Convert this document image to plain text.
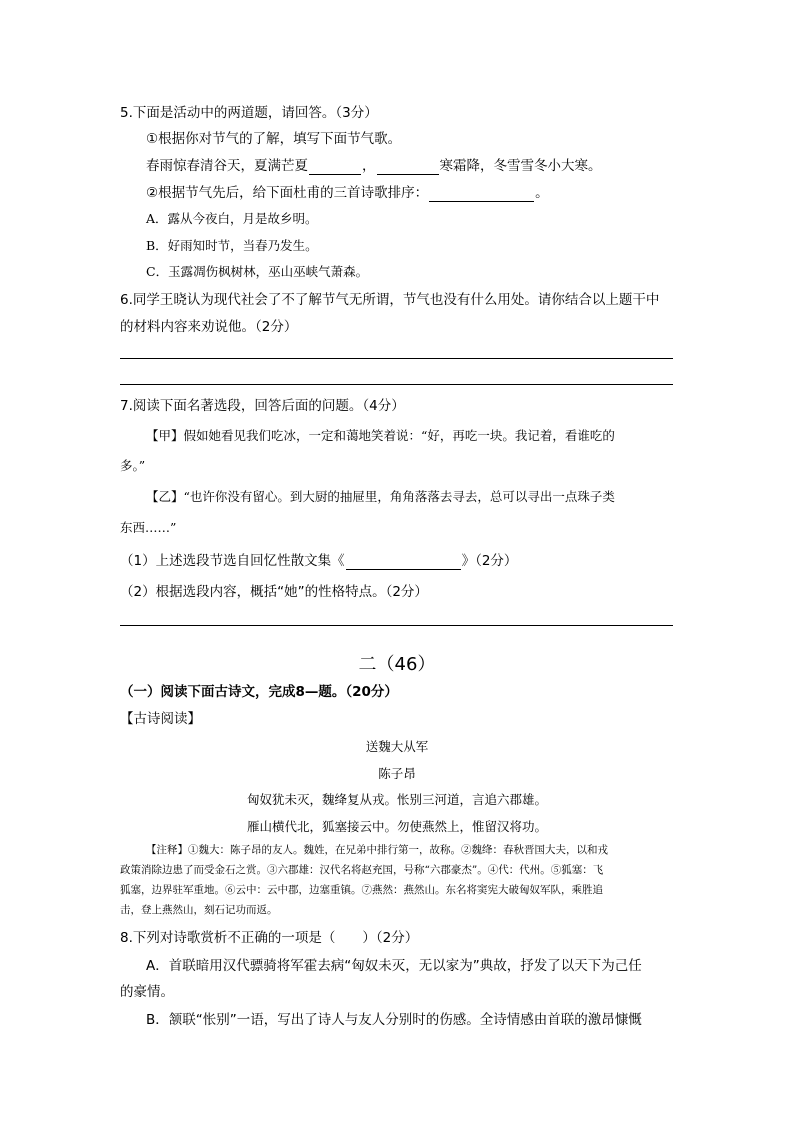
5.下面是活动中的两道题，请回答。（3分）
①根据你对节气的了解，填写下面节气歌。
春雨惊春清谷天，夏满芒夏	，	寒霜降，冬雪雪冬小大寒。
②根据节气先后，给下面杜甫的三首诗歌排序：	。
A．露从今夜白，月是故乡明。
B．好雨知时节，当春乃发生。
C．玉露凋伤枫树林，巫山巫峡气萧森。
6.同学王晓认为现代社会了不了解节气无所谓，节气也没有什么用处。请你结合以上题干中
的材料内容来劝说他。（2分）
7.阅读下面名著选段，回答后面的问题。（4分）
【甲】假如她看见我们吃冰，一定和蔼地笑着说：“好，再吃一块。我记着，看谁吃的
多。”
【乙】“也许你没有留心。到大厨的抽屉里，角角落落去寻去，总可以寻出一点珠子类
东西……”
（1）上述选段节选自回忆性散文集《	》（2分）
（2）根据选段内容，概括“她”的性格特点。（2分）
二（46）
（一）阅读下面古诗文，完成8—题。（20分）
【古诗阅读】
送魏大从军
陈子昂
匈奴犹未灭，魏绛复从戎。怅别三河道，言追六郡雄。
雁山横代北，狐塞接云中。勿使燕然上，惟留汉将功。
【注释】①魏大：陈子昂的友人。魏姓，在兄弟中排行第一，故称。②魏绛：春秋晋国大夫，以和戎
政策消除边患了而受金石之赏。③六郡雄：汉代名将赵充国，号称“六郡豪杰”。④代：代州。⑤狐塞：飞
狐塞，边界驻军重地。⑥云中：云中郡，边塞重镇。⑦燕然：燕然山。东名将窦宪大破匈奴军队，乘胜追
击，登上燕然山，刻石记功而返。
8.下列对诗歌赏析不正确的一项是（　　）（2分）
A．首联暗用汉代骠骑将军霍去病“匈奴未灭，无以家为”典故，抒发了以天下为己任
的豪情。
B．颔联“怅别”一语，写出了诗人与友人分别时的伤感。全诗情感由首联的激昂慷慨
